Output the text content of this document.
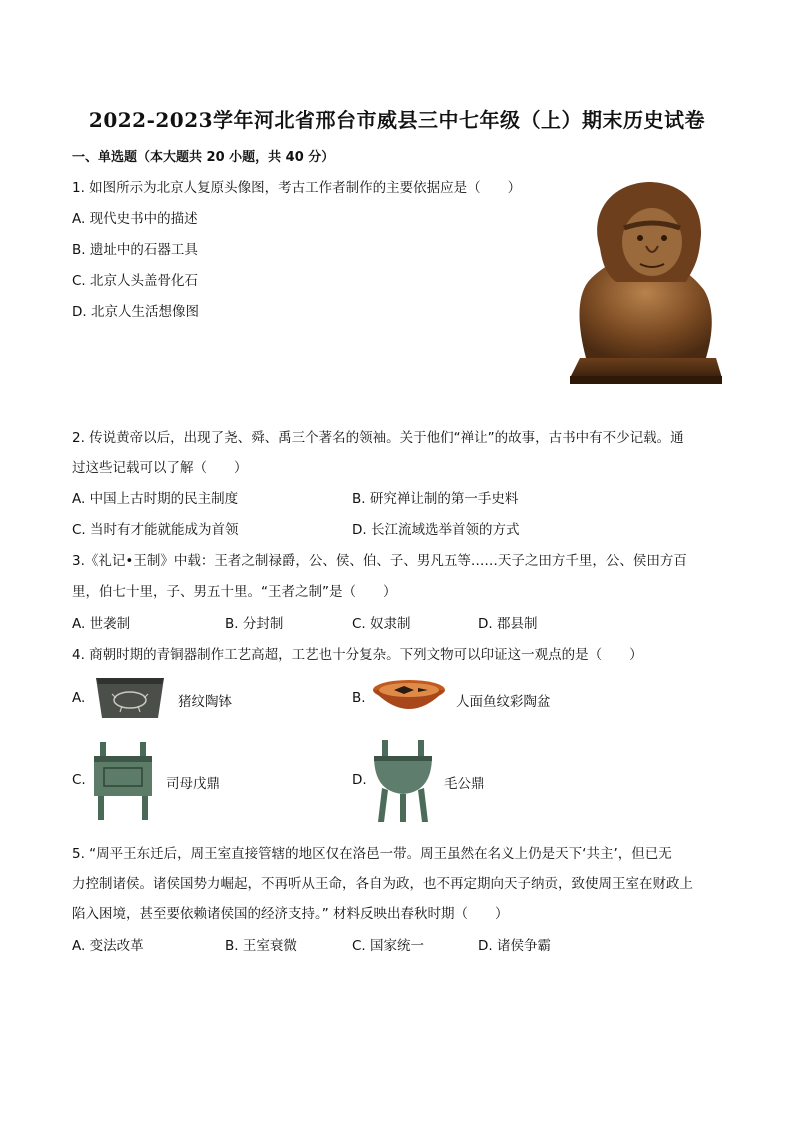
2022-2023学年河北省邢台市威县三中七年级（上）期末历史试卷
一、单选题（本大题共 20 小题，共 40 分）
1. 如图所示为北京人复原头像图，考古工作者制作的主要依据应是（　　）
A. 现代史书中的描述
B. 遗址中的石器工具
C. 北京人头盖骨化石
D. 北京人生活想像图
2. 传说黄帝以后，出现了尧、舜、禹三个著名的领袖。关于他们“禅让”的故事，古书中有不少记载。通
过这些记载可以了解（　　）
A. 中国上古时期的民主制度	B. 研究禅让制的第一手史料
C. 当时有才能就能成为首领	D. 长江流域选举首领的方式
3.《礼记•王制》中载：王者之制禄爵，公、侯、伯、子、男凡五等……天子之田方千里，公、侯田方百
里，伯七十里，子、男五十里。“王者之制”是（　　）
A. 世袭制	B. 分封制	C. 奴隶制	D. 郡县制
4. 商朝时期的青铜器制作工艺高超，工艺也十分复杂。下列文物可以印证这一观点的是（　　）
A.	猪纹陶钵	B.	人面鱼纹彩陶盆
C.	司母戊鼎	D.	毛公鼎
5. “周平王东迁后，周王室直接管辖的地区仅在洛邑一带。周王虽然在名义上仍是天下‘共主’，但已无
力控制诸侯。诸侯国势力崛起，不再听从王命，各自为政，也不再定期向天子纳贡，致使周王室在财政上
陷入困境，甚至要依赖诸侯国的经济支持。” 材料反映出春秋时期（　　）
A. 变法改革	B. 王室衰微	C. 国家统一	D. 诸侯争霸
